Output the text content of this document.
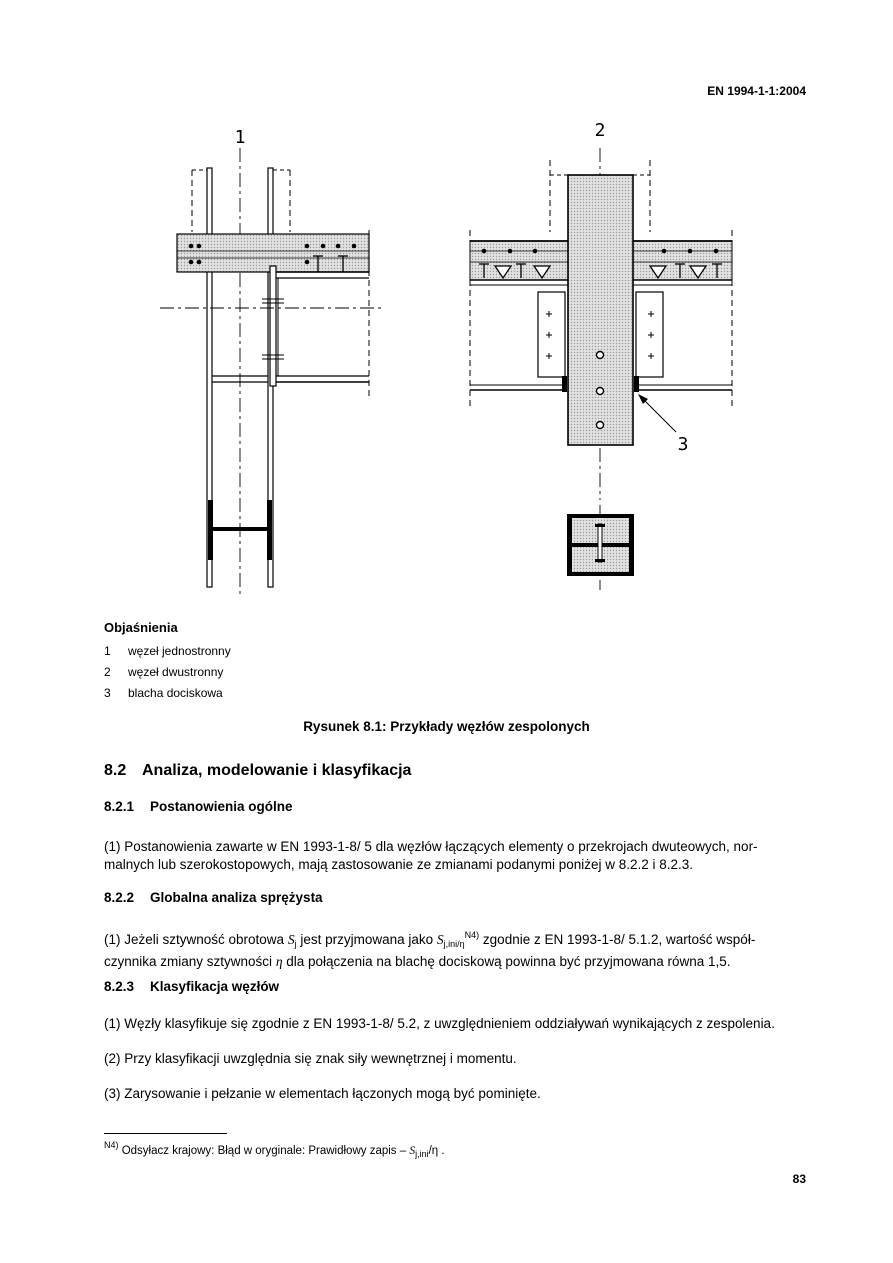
EN 1994-1-1:2004
1	2
3
Objaśnienia
1	węzeł jednostronny
2	węzeł dwustronny
3	blacha dociskowa
Rysunek 8.1: Przykłady węzłów zespolonych
8.2 Analiza, modelowanie i klasyfikacja
8.2.1 Postanowienia ogólne
(1) Postanowienia zawarte w EN 1993-1-8/ 5 dla węzłów łączących elementy o przekrojach dwuteowych, nor-
malnych lub szerokostopowych, mają zastosowanie ze zmianami podanymi poniżej w 8.2.2 i 8.2.3.
8.2.2 Globalna analiza sprężysta
(1) Jeżeli sztywność obrotowa $S_j$ jest przyjmowana jako $S_{j,ini/\eta}^{N4)}$ zgodnie z EN 1993-1-8/ 5.1.2, wartość współ-
czynnika zmiany sztywności η dla połączenia na blachę dociskową powinna być przyjmowana równa 1,5.
8.2.3 Klasyfikacja węzłów
(1) Węzły klasyfikuje się zgodnie z EN 1993-1-8/ 5.2, z uwzględnieniem oddziaływań wynikających z zespolenia.
(2) Przy klasyfikacji uwzględnia się znak siły wewnętrznej i momentu.
(3) Zarysowanie i pełzanie w elementach łączonych mogą być pominięte.
$^{N4)}$ Odsyłacz krajowy: Błąd w oryginale: Prawidłowy zapis – $S_{j,ini}/\eta$ .
83
